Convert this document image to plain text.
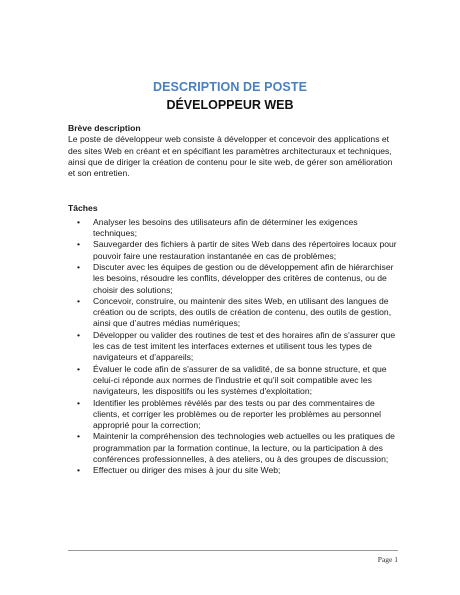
DESCRIPTION DE POSTE
DÉVELOPPEUR WEB

Brève description

Le poste de développeur web consiste à développer et concevoir des applications et des sites Web en créant et en spécifiant les paramètres architecturaux et techniques, ainsi que de diriger la création de contenu pour le site web, de gérer son amélioration et son entretien.

Tâches

• Analyser les besoins des utilisateurs afin de déterminer les exigences techniques;
• Sauvegarder des fichiers à partir de sites Web dans des répertoires locaux pour pouvoir faire une restauration instantanée en cas de problèmes;
• Discuter avec les équipes de gestion ou de développement afin de hiérarchiser les besoins, résoudre les conflits, développer des critères de contenus, ou de choisir des solutions;
• Concevoir, construire, ou maintenir des sites Web, en utilisant des langues de création ou de scripts, des outils de création de contenu, des outils de gestion, ainsi que d’autres médias numériques;
• Développer ou valider des routines de test et des horaires afin de s'assurer que les cas de test imitent les interfaces externes et utilisent tous les types de navigateurs et d’appareils;
• Évaluer le code afin de s'assurer de sa validité, de sa bonne structure, et que celui-ci réponde aux normes de l'industrie et qu'il soit compatible avec les navigateurs, les dispositifs ou les systèmes d'exploitation;
• Identifier les problèmes révélés par des tests ou par des commentaires de clients, et corriger les problèmes ou de reporter les problèmes au personnel approprié pour la correction;
• Maintenir la compréhension des technologies web actuelles ou les pratiques de programmation par la formation continue, la lecture, ou la participation à des conférences professionnelles, à des ateliers, ou à des groupes de discussion;
• Effectuer ou diriger des mises à jour du site Web;
Page 1
